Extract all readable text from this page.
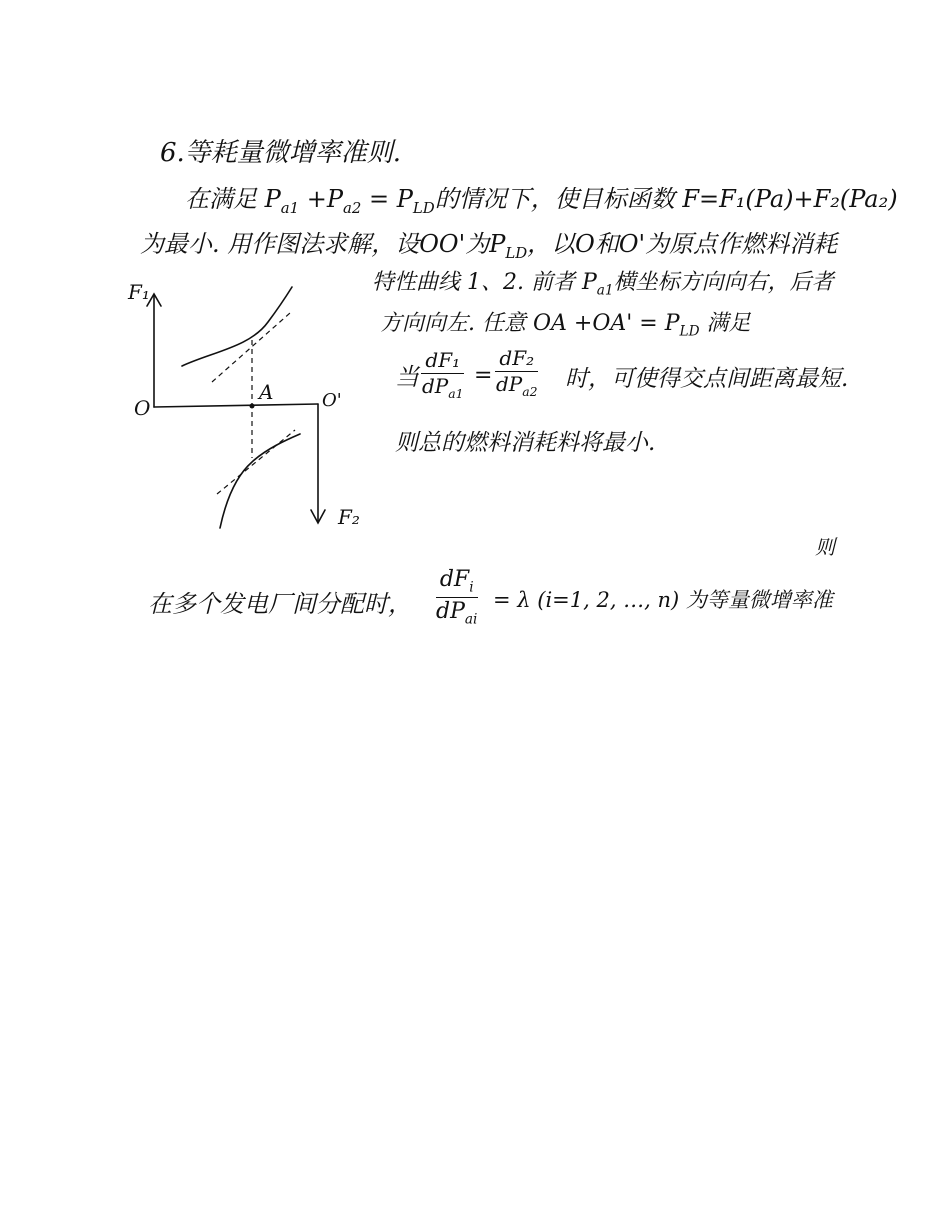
6.等耗量微增率准则.
在满足 $P_{a1} +P_{a2} = P_{LD}$的情况下，使目标函数 F=F₁(Pa)+F₂(Pa₂)
为最小. 用作图法求解，设OO'为$P_{LD}$，以O和O'为原点作燃料消耗
特性曲线 1、2. 前者 $P_{a1}$横坐标方向向右，后者
方向向左. 任意 OA $+OA' = P_{LD}$ 满足
当
dF₁
$dP_{a1}$
=
dF₂
$dP_{a2}$ 时，可使得交点间距离最短.
则总的燃料消耗料将最小.
F₁
O
A	O'
F₂
则
在多个发电厂间分配时，
$dF_i$
$dP_{ai}$
= λ (i=1, 2, …, n) 为等量微增率准
